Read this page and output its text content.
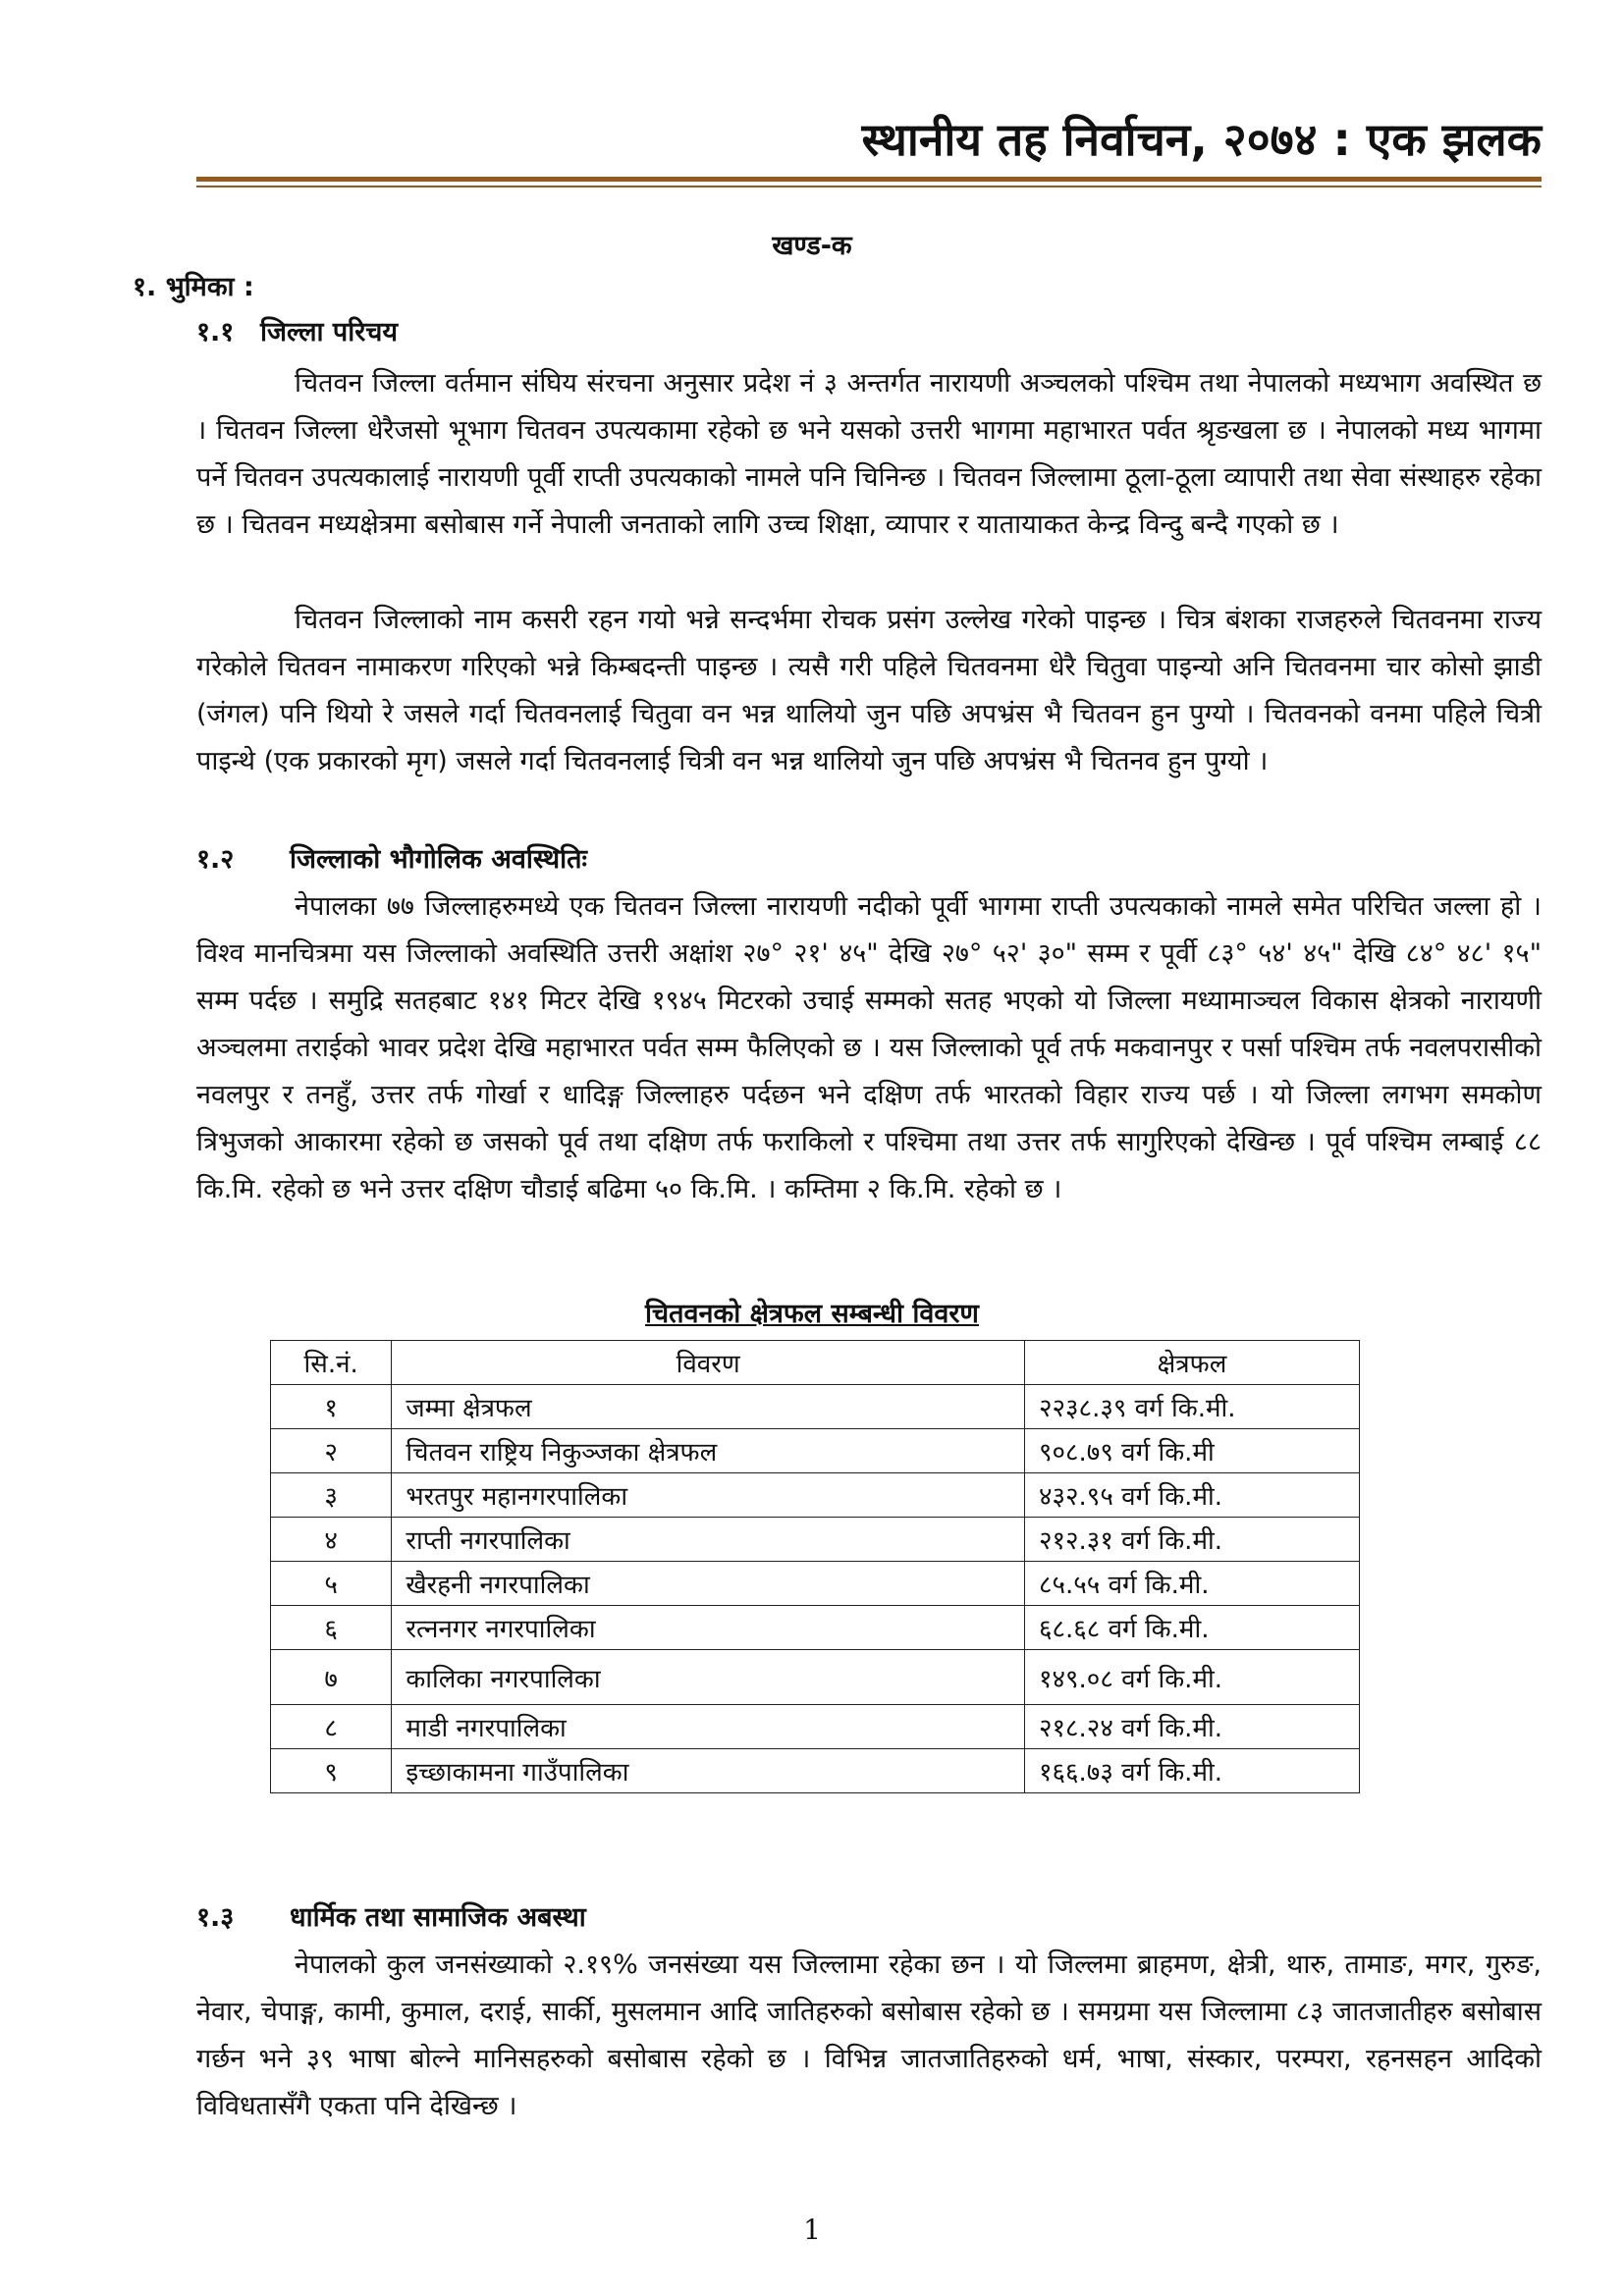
स्थानीय तह निर्वाचन, २०७४ : एक झलक
खण्ड-क
१. भुमिका :
१.१ जिल्ला परिचय

चितवन जिल्ला वर्तमान संघिय संरचना अनुसार प्रदेश नं ३ अन्तर्गत नारायणी अञ्चलको पश्चिम तथा नेपालको मध्यभाग अवस्थित छ । चितवन जिल्ला धेरैजसो भूभाग चितवन उपत्यकामा रहेको छ भने यसको उत्तरी भागमा महाभारत पर्वत श्रृङखला छ । नेपालको मध्य भागमा पर्ने चितवन उपत्यकालाई नारायणी पूर्वी राप्ती उपत्यकाको नामले पनि चिनिन्छ । चितवन जिल्लामा ठूला-ठूला व्यापारी तथा सेवा संस्थाहरु रहेका छ । चितवन मध्यक्षेत्रमा बसोबास गर्ने नेपाली जनताको लागि उच्च शिक्षा, व्यापार र यातायाकत केन्द्र विन्दु बन्दै गएको छ ।

चितवन जिल्लाको नाम कसरी रहन गयो भन्ने सन्दर्भमा रोचक प्रसंग उल्लेख गरेको पाइन्छ । चित्र बंशका राजहरुले चितवनमा राज्य गरेकोले चितवन नामाकरण गरिएको भन्ने किम्बदन्ती पाइन्छ । त्यसै गरी पहिले चितवनमा धेरै चितुवा पाइन्यो अनि चितवनमा चार कोसो झाडी (जंगल) पनि थियो रे जसले गर्दा चितवनलाई चितुवा वन भन्न थालियो जुन पछि अपभ्रंस भै चितवन हुन पुग्यो । चितवनको वनमा पहिले चित्री पाइन्थे (एक प्रकारको मृग) जसले गर्दा चितवनलाई चित्री वन भन्न थालियो जुन पछि अपभ्रंस भै चितनव हुन पुग्यो ।

१.२ जिल्लाको भौगोलिक अवस्थितिः

नेपालका ७७ जिल्लाहरुमध्ये एक चितवन जिल्ला नारायणी नदीको पूर्वी भागमा राप्ती उपत्यकाको नामले समेत परिचित जल्ला हो । विश्व मानचित्रमा यस जिल्लाको अवस्थिति उत्तरी अक्षांश २७° २१' ४५" देखि २७° ५२' ३०" सम्म र पूर्वी ८३° ५४' ४५" देखि ८४° ४८' १५" सम्म पर्दछ । समुद्रि सतहबाट १४१ मिटर देखि १९४५ मिटरको उचाई सम्मको सतह भएको यो जिल्ला मध्यामाञ्चल विकास क्षेत्रको नारायणी अञ्चलमा तराईको भावर प्रदेश देखि महाभारत पर्वत सम्म फैलिएको छ । यस जिल्लाको पूर्व तर्फ मकवानपुर र पर्सा पश्चिम तर्फ नवलपरासीको नवलपुर र तनहुँ, उत्तर तर्फ गोर्खा र धादिङ्ग जिल्लाहरु पर्दछन भने दक्षिण तर्फ भारतको विहार राज्य पर्छ । यो जिल्ला लगभग समकोण त्रिभुजको आकारमा रहेको छ जसको पूर्व तथा दक्षिण तर्फ फराकिलो र पश्चिमा तथा उत्तर तर्फ सागुरिएको देखिन्छ । पूर्व पश्चिम लम्बाई ८८ कि.मि. रहेको छ भने उत्तर दक्षिण चौडाई बढिमा ५० कि.मि. । कम्तिमा २ कि.मि. रहेको छ ।

चितवनको क्षेत्रफल सम्बन्धी विवरण
सि.नं.	विवरण	क्षेत्रफल
१	जम्मा क्षेत्रफल	२२३८.३९ वर्ग कि.मी.
२	चितवन राष्ट्रिय निकुञ्जका क्षेत्रफल	९०८.७९ वर्ग कि.मी
३	भरतपुर महानगरपालिका	४३२.९५ वर्ग कि.मी.
४	राप्ती नगरपालिका	२१२.३१ वर्ग कि.मी.
५	खैरहनी नगरपालिका	८५.५५ वर्ग कि.मी.
६	रत्ननगर नगरपालिका	६८.६८ वर्ग कि.मी.
७	कालिका नगरपालिका	१४९.०८ वर्ग कि.मी.
८	माडी नगरपालिका	२१८.२४ वर्ग कि.मी.
९	इच्छाकामना गाउँपालिका	१६६.७३ वर्ग कि.मी.
१.३ धार्मिक तथा सामाजिक अबस्था

नेपालको कुल जनसंख्याको २.१९% जनसंख्या यस जिल्लामा रहेका छन । यो जिल्लमा ब्राहमण, क्षेत्री, थारु, तामाङ, मगर, गुरुङ, नेवार, चेपाङ्ग, कामी, कुमाल, दराई, सार्की, मुसलमान आदि जातिहरुको बसोबास रहेको छ । समग्रमा यस जिल्लामा ८३ जातजातीहरु बसोबास गर्छन भने ३९ भाषा बोल्ने मानिसहरुको बसोबास रहेको छ । विभिन्न जातजातिहरुको धर्म, भाषा, संस्कार, परम्परा, रहनसहन आदिको विविधतासँगै एकता पनि देखिन्छ ।

1
